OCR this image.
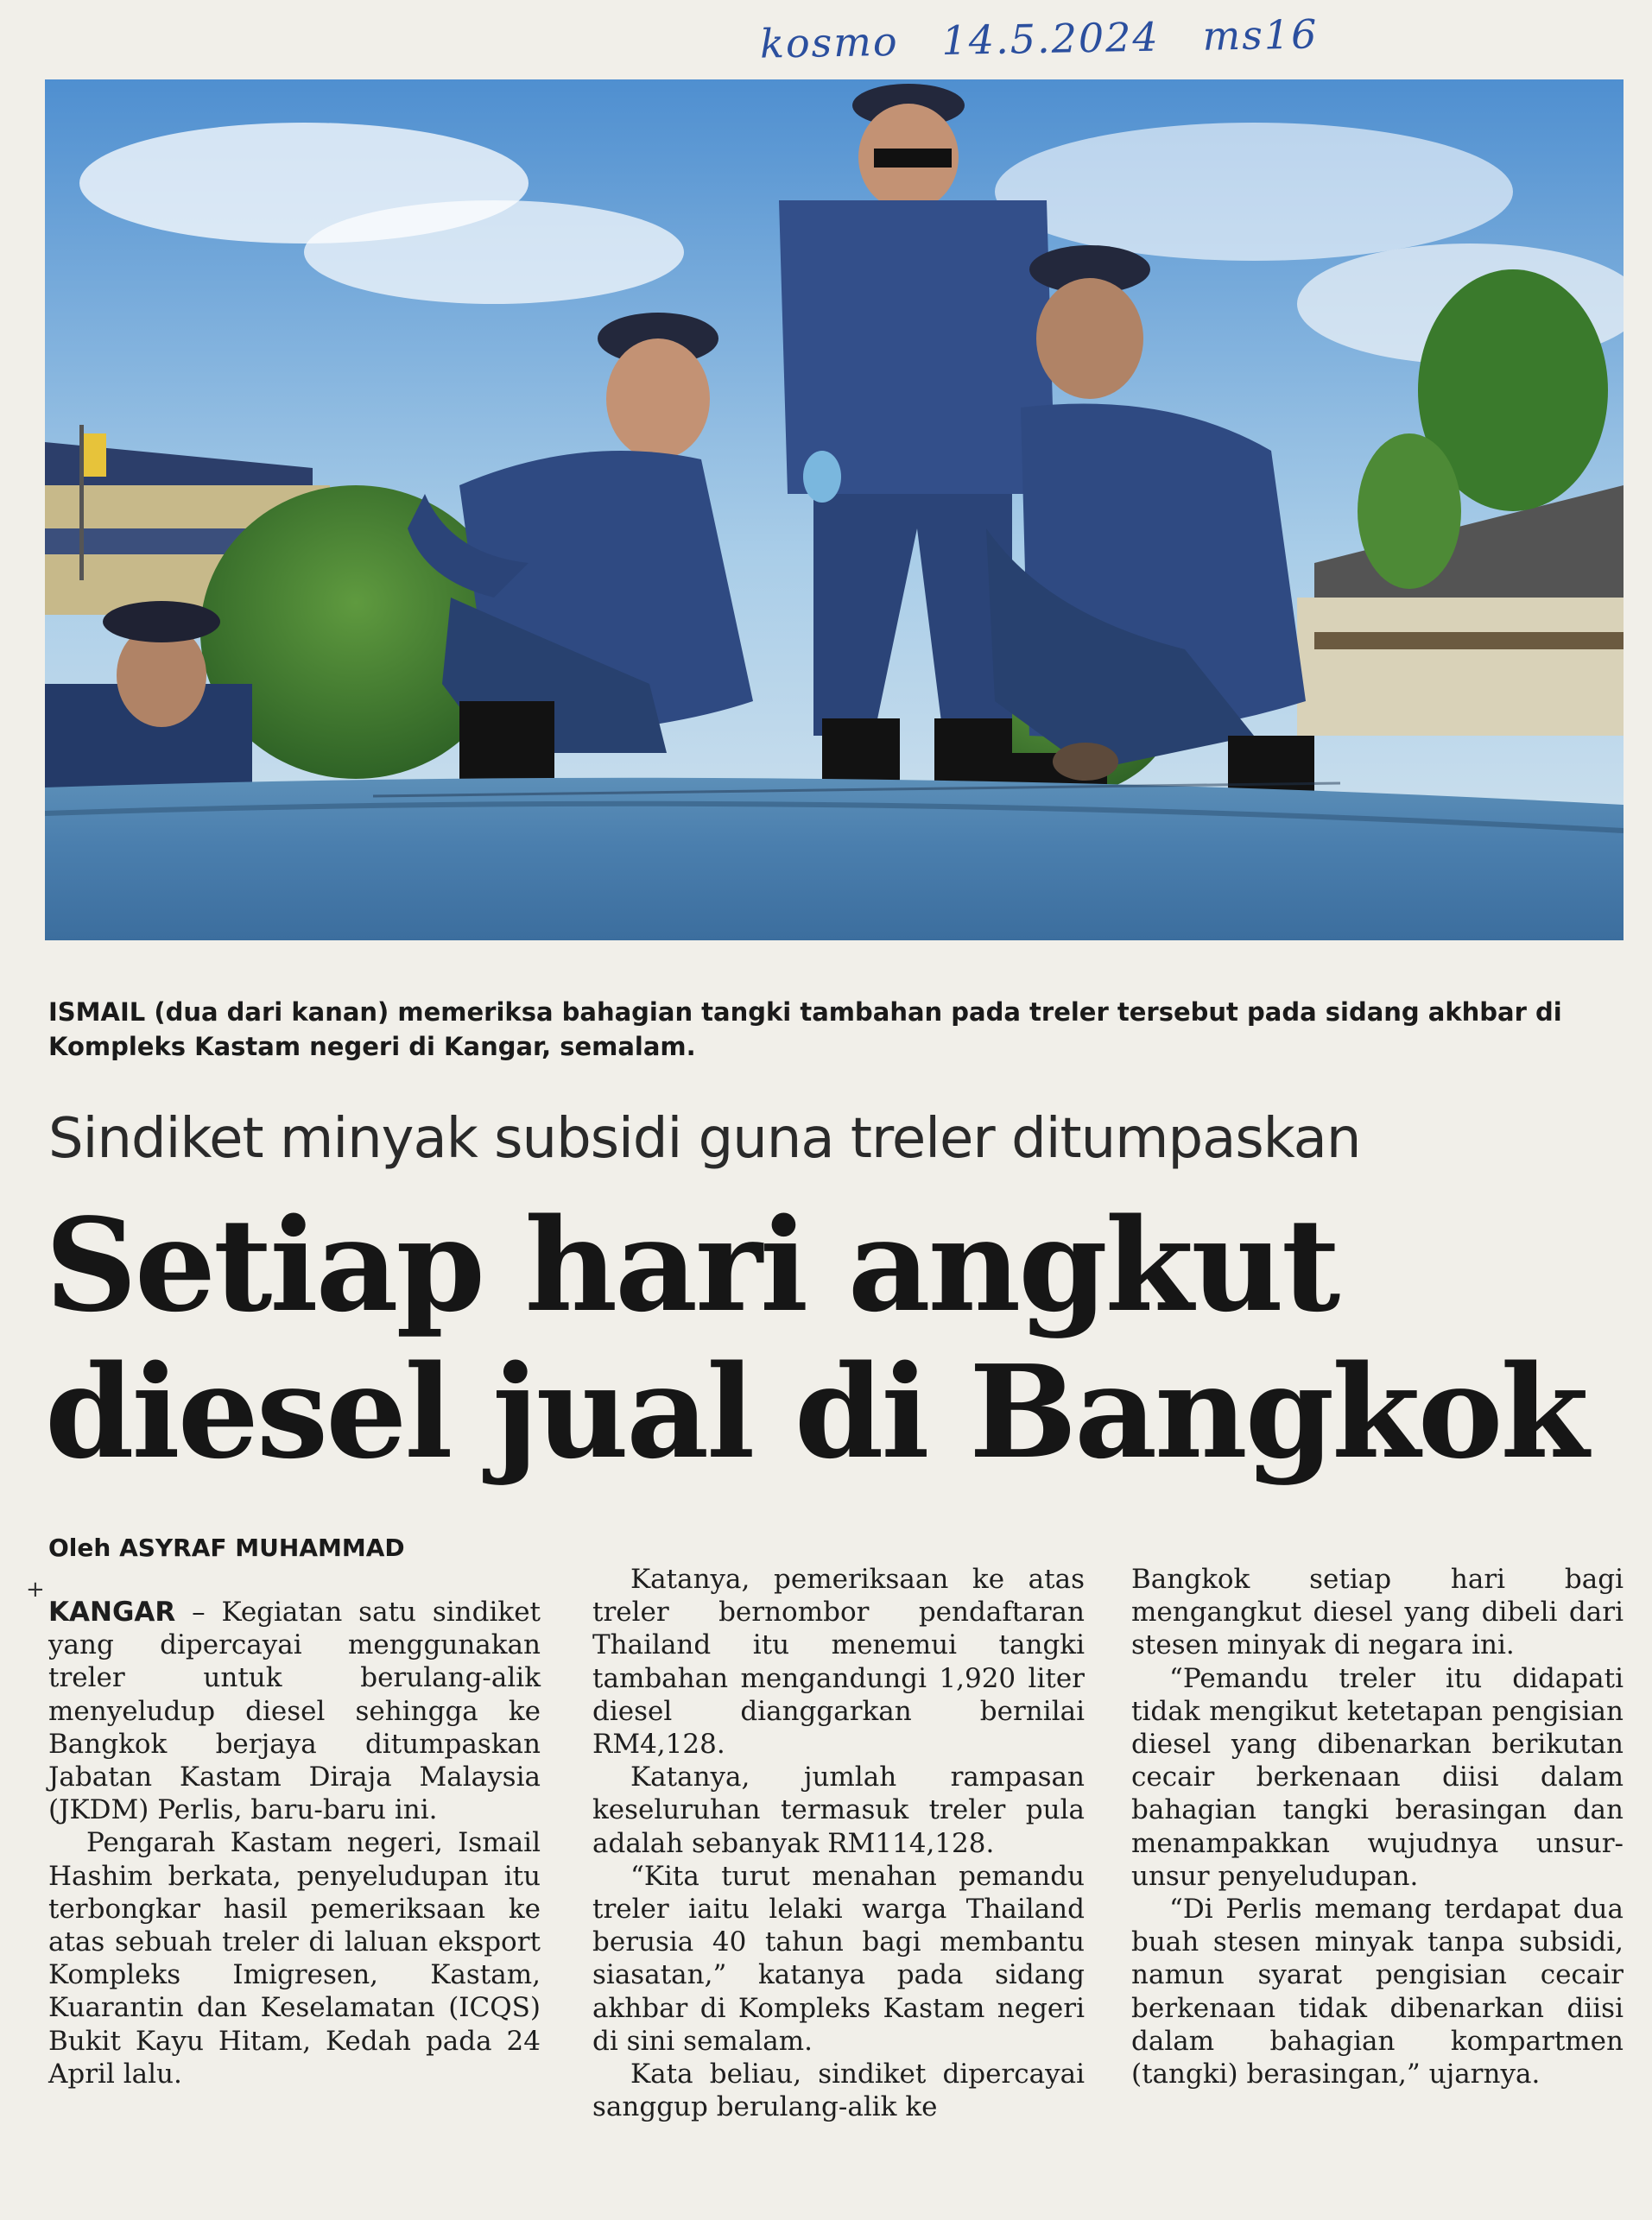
kosmo 14.5.2024 ms16
ISMAIL (dua dari kanan) memeriksa bahagian tangki tambahan pada treler tersebut pada sidang akhbar di Kompleks Kastam negeri di Kangar, semalam.
Sindiket minyak subsidi guna treler ditumpaskan
Setiap hari angkut
diesel jual di Bangkok
Oleh ASYRAF MUHAMMAD
+

KANGAR – Kegiatan satu sindiket yang dipercayai menggunakan treler untuk berulang-alik menyeludup diesel sehingga ke Bangkok berjaya ditumpaskan Jabatan Kastam Diraja Malaysia (JKDM) Perlis, baru-baru ini.

Pengarah Kastam negeri, Ismail Hashim berkata, penyeludupan itu terbongkar hasil pemeriksaan ke atas sebuah treler di laluan eksport Kompleks Imigresen, Kastam, Kuarantin dan Keselamatan (ICQS) Bukit Kayu Hitam, Kedah pada 24 April lalu.

Katanya, pemeriksaan ke atas treler bernombor pendaftaran Thailand itu menemui tangki tambahan mengandungi 1,920 liter diesel dianggarkan bernilai RM4,128.

Katanya, jumlah rampasan keseluruhan termasuk treler pula adalah sebanyak RM114,128.

“Kita turut menahan pemandu treler iaitu lelaki warga Thailand berusia 40 tahun bagi membantu siasatan,” katanya pada sidang akhbar di Kompleks Kastam negeri di sini semalam.

Kata beliau, sindiket dipercayai sanggup berulang-alik ke

Bangkok setiap hari bagi mengangkut diesel yang dibeli dari stesen minyak di negara ini.

“Pemandu treler itu didapati tidak mengikut ketetapan pengisian diesel yang dibenarkan berikutan cecair berkenaan diisi dalam bahagian tangki berasingan dan menampakkan wujudnya unsur-unsur penyeludupan.

“Di Perlis memang terdapat dua buah stesen minyak tanpa subsidi, namun syarat pengisian cecair berkenaan tidak dibenarkan diisi dalam bahagian kompartmen (tangki) berasingan,” ujarnya.
